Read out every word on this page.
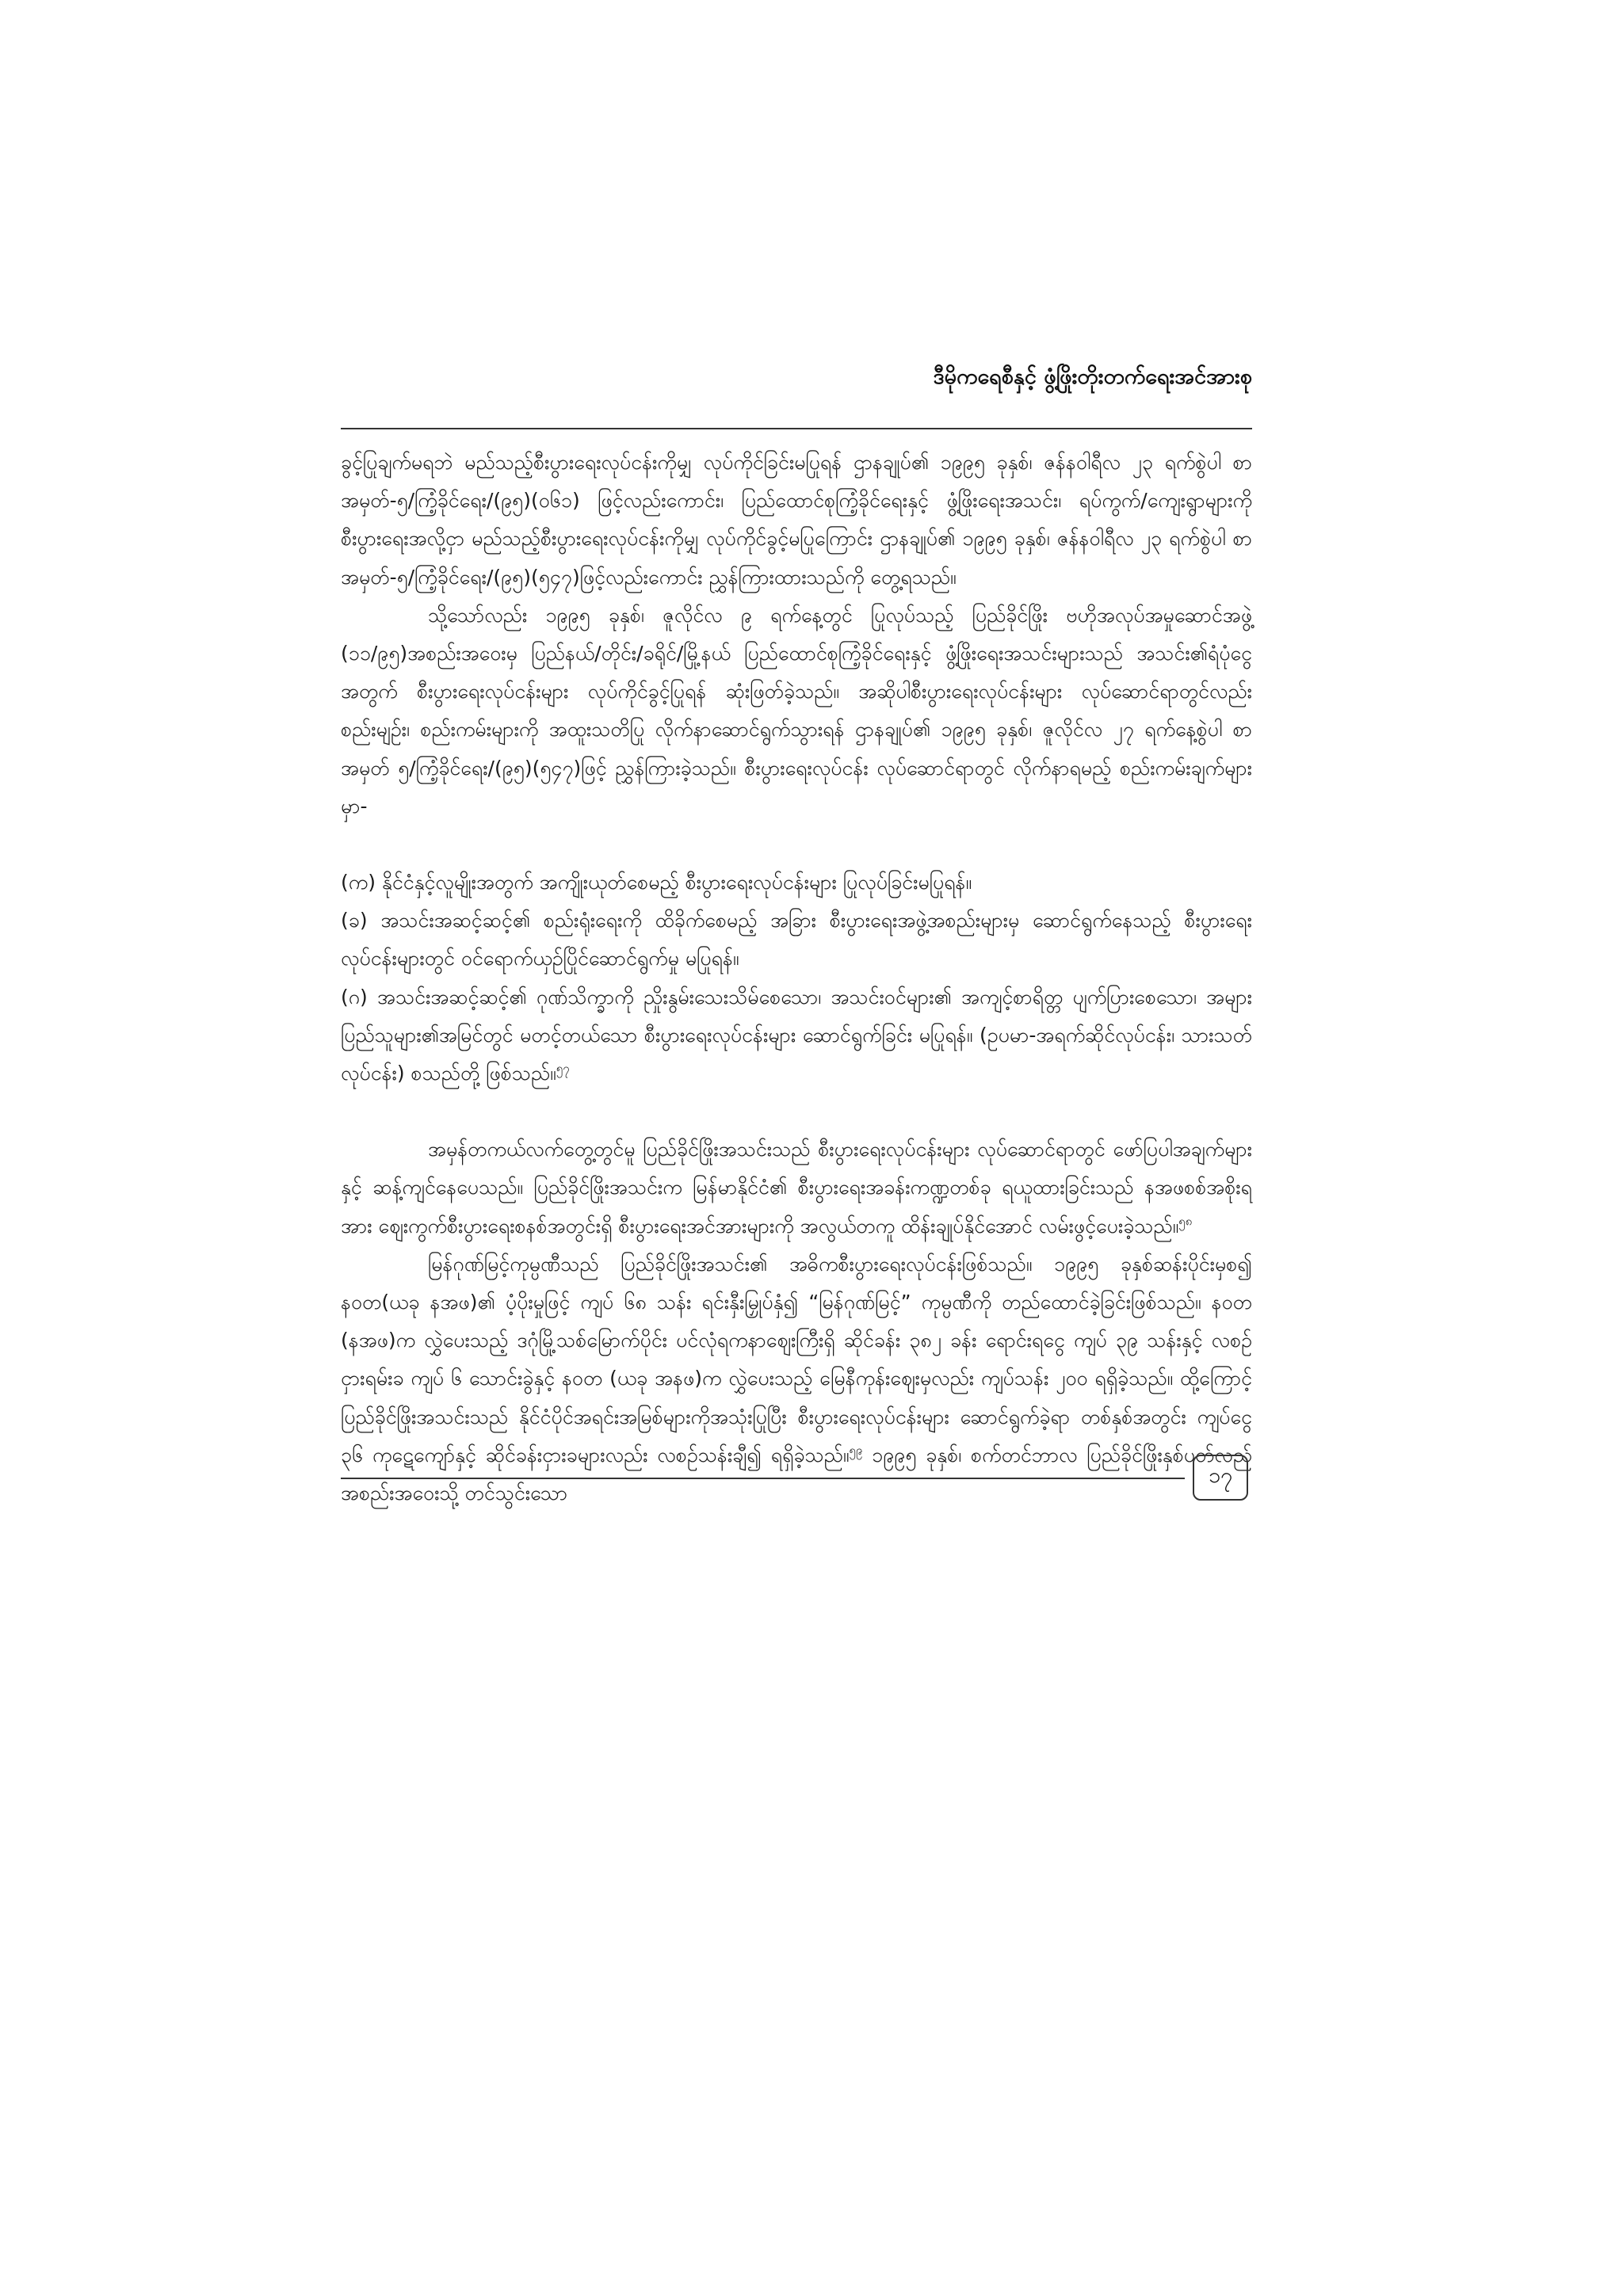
ဒီမိုကရေစီနှင့် ဖွံ့ဖြိုးတိုးတက်ရေးအင်အားစု

ခွင့်ပြုချက်မရဘဲ မည်သည့်စီးပွားရေးလုပ်ငန်းကိုမျှ လုပ်ကိုင်ခြင်းမပြုရန် ဌာနချုပ်၏ ၁၉၉၅ ခုနှစ်၊ ဇန်နဝါရီလ ၂၃ ရက်စွဲပါ စာအမှတ်-၅/ကြံ့ခိုင်ရေး/(၉၅)(၀၆၁) ဖြင့်လည်းကောင်း၊ ပြည်ထောင်စုကြံ့ခိုင်ရေးနှင့် ဖွံ့ဖြိုးရေးအသင်း၊ ရပ်ကွက်/ကျေးရွာများကို စီးပွားရေးအလို့ငှာ မည်သည့်စီးပွားရေးလုပ်ငန်းကိုမျှ လုပ်ကိုင်ခွင့်မပြုကြောင်း ဌာနချုပ်၏ ၁၉၉၅ ခုနှစ်၊ ဇန်နဝါရီလ ၂၃ ရက်စွဲပါ စာအမှတ်-၅/ကြံ့ခိုင်ရေး/(၉၅)(၅၄၇)ဖြင့်လည်းကောင်း ညွှန်ကြားထားသည်ကို တွေ့ရသည်။

သို့သော်လည်း ၁၉၉၅ ခုနှစ်၊ ဇူလိုင်လ ၉ ရက်နေ့တွင် ပြုလုပ်သည့် ပြည်ခိုင်ဖြိုး ဗဟိုအလုပ်အမှုဆောင်အဖွဲ့ (၁၁/၉၅)အစည်းအဝေးမှ ပြည်နယ်/တိုင်း/ခရိုင်/မြို့နယ် ပြည်ထောင်စုကြံ့ခိုင်ရေးနှင့် ဖွံ့ဖြိုးရေးအသင်းများသည် အသင်း၏ရံပုံငွေအတွက် စီးပွားရေးလုပ်ငန်းများ လုပ်ကိုင်ခွင့်ပြုရန် ဆုံးဖြတ်ခဲ့သည်။ အဆိုပါစီးပွားရေးလုပ်ငန်းများ လုပ်ဆောင်ရာတွင်လည်း စည်းမျဉ်း၊ စည်းကမ်းများကို အထူးသတိပြု လိုက်နာဆောင်ရွက်သွားရန် ဌာနချုပ်၏ ၁၉၉၅ ခုနှစ်၊ ဇူလိုင်လ ၂၇ ရက်နေ့စွဲပါ စာအမှတ် ၅/ကြံ့ခိုင်ရေး/(၉၅)(၅၄၇)ဖြင့် ညွှန်ကြားခဲ့သည်။ စီးပွားရေးလုပ်ငန်း လုပ်ဆောင်ရာတွင် လိုက်နာရမည့် စည်းကမ်းချက်များမှာ-

(က) နိုင်ငံနှင့်လူမျိုးအတွက် အကျိုးယုတ်စေမည့် စီးပွားရေးလုပ်ငန်းများ ပြုလုပ်ခြင်းမပြုရန်။

(ခ) အသင်းအဆင့်ဆင့်၏ စည်းရုံးရေးကို ထိခိုက်စေမည့် အခြား စီးပွားရေးအဖွဲ့အစည်းများမှ ဆောင်ရွက်နေသည့် စီးပွားရေးလုပ်ငန်းများတွင် ဝင်ရောက်ယှဉ်ပြိုင်ဆောင်ရွက်မှု မပြုရန်။

(ဂ) အသင်းအဆင့်ဆင့်၏ ဂုဏ်သိက္ခာကို ညှိုးနွမ်းသေးသိမ်စေသော၊ အသင်းဝင်များ၏ အကျင့်စာရိတ္တ ပျက်ပြားစေသော၊ အများပြည်သူများ၏အမြင်တွင် မတင့်တယ်သော စီးပွားရေးလုပ်ငန်းများ ဆောင်ရွက်ခြင်း မပြုရန်။ (ဥပမာ-အရက်ဆိုင်လုပ်ငန်း၊ သားသတ်လုပ်ငန်း) စသည်တို့ ဖြစ်သည်။$^{၅၇}$

အမှန်တကယ်လက်တွေ့တွင်မူ ပြည်ခိုင်ဖြိုးအသင်းသည် စီးပွားရေးလုပ်ငန်းများ လုပ်ဆောင်ရာတွင် ဖော်ပြပါအချက်များနှင့် ဆန့်ကျင်နေပေသည်။ ပြည်ခိုင်ဖြိုးအသင်းက မြန်မာနိုင်ငံ၏ စီးပွားရေးအခန်းကဏ္ဍတစ်ခု ရယူထားခြင်းသည် နအဖစစ်အစိုးရအား ဈေးကွက်စီးပွားရေးစနစ်အတွင်းရှိ စီးပွားရေးအင်အားများကို အလွယ်တကူ ထိန်းချုပ်နိုင်အောင် လမ်းဖွင့်ပေးခဲ့သည်။$^{၅၈}$

မြန်ဂုဏ်မြင့်ကုမ္ပဏီသည် ပြည်ခိုင်ဖြိုးအသင်း၏ အဓိကစီးပွားရေးလုပ်ငန်းဖြစ်သည်။ ၁၉၉၅ ခုနှစ်ဆန်းပိုင်းမှစ၍ နဝတ(ယခု နအဖ)၏ ပံ့ပိုးမှုဖြင့် ကျပ် ၆၈ သန်း ရင်းနှီးမြှုပ်နှံ၍ “မြန်ဂုဏ်မြင့်” ကုမ္ပဏီကို တည်ထောင်ခဲ့ခြင်းဖြစ်သည်။ နဝတ (နအဖ)က လွှဲပေးသည့် ဒဂုံမြို့သစ်မြောက်ပိုင်း ပင်လုံရကနာဈေးကြီးရှိ ဆိုင်ခန်း ၃၈၂ ခန်း ရောင်းရငွေ ကျပ် ၃၉ သန်းနှင့် လစဉ်ငှားရမ်းခ ကျပ် ၆ သောင်းခွဲနှင့် နဝတ (ယခု အနဖ)က လွှဲပေးသည့် မြေနီကုန်းဈေးမှလည်း ကျပ်သန်း ၂၀၀ ရရှိခဲ့သည်။ ထို့ကြောင့် ပြည်ခိုင်ဖြိုးအသင်းသည် နိုင်ငံပိုင်အရင်းအမြစ်များကိုအသုံးပြုပြီး စီးပွားရေးလုပ်ငန်းများ ဆောင်ရွက်ခဲ့ရာ တစ်နှစ်အတွင်း ကျပ်ငွေ ၃၆ ကုဋေကျော်နှင့် ဆိုင်ခန်းငှားခများလည်း လစဉ်သန်းချီ၍ ရရှိခဲ့သည်။$^{၅၉}$ ၁၉၉၅ ခုနှစ်၊ စက်တင်ဘာလ ပြည်ခိုင်ဖြိုးနှစ်ပတ်လည် အစည်းအဝေးသို့ တင်သွင်းသော

၁၇
